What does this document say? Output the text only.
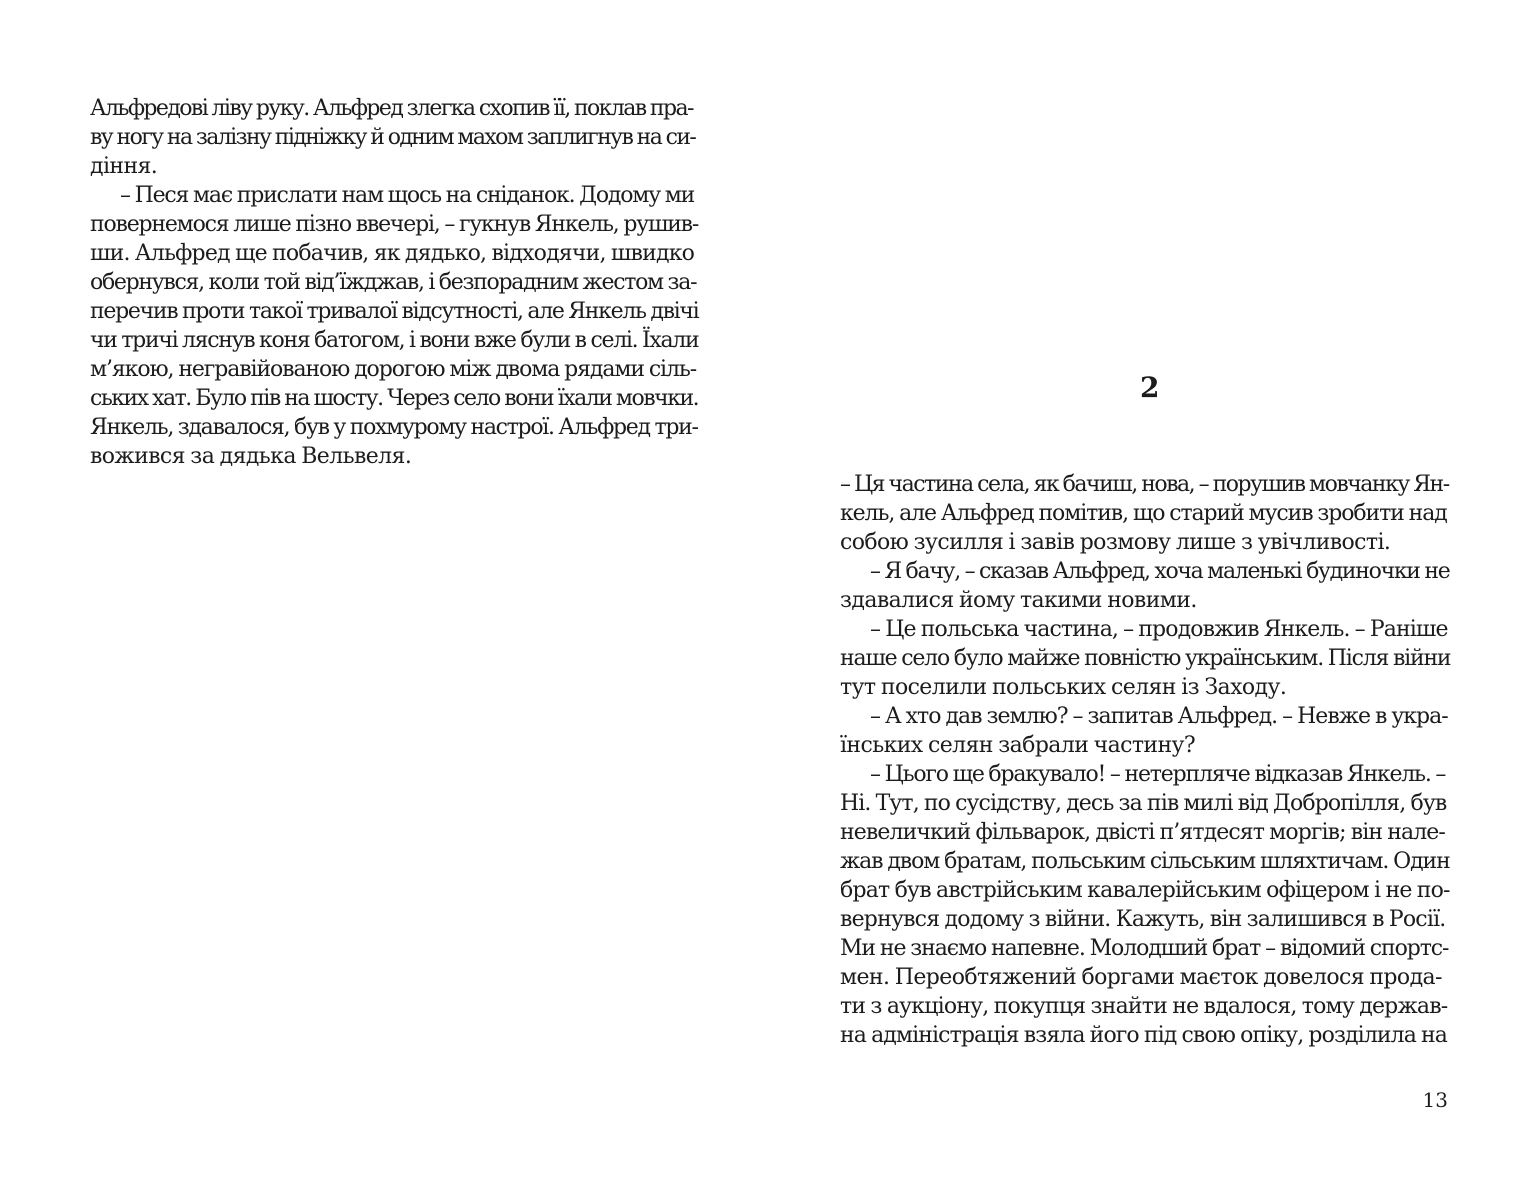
Альфредові ліву руку. Альфред злегка схопив її, поклав пра-
ву ногу на залізну підніжку й одним махом заплигнув на си-
діння.
– Песя має прислати нам щось на сніданок. Додому ми
повернемося лише пізно ввечері, – гукнув Янкель, рушив-
ши. Альфред ще побачив, як дядько, відходячи, швидко
обернувся, коли той від’їжджав, і безпорадним жестом за-
перечив проти такої тривалої відсутності, але Янкель двічі
чи тричі ляснув коня батогом, і вони вже були в селі. Їхали
м’якою, негравійованою дорогою між двома рядами сіль-
ських хат. Було пів на шосту. Через село вони їхали мовчки.
Янкель, здавалося, був у похмурому настрої. Альфред три-
вожився за дядька Вельвеля.
2
– Ця частина села, як бачиш, нова, – порушив мовчанку Ян-
кель, але Альфред помітив, що старий мусив зробити над
собою зусилля і завів розмову лише з увічливості.
– Я бачу, – сказав Альфред, хоча маленькі будиночки не
здавалися йому такими новими.
– Це польська частина, – продовжив Янкель. – Раніше
наше село було майже повністю українським. Після війни
тут поселили польських селян із Заходу.
– А хто дав землю? – запитав Альфред. – Невже в укра-
їнських селян забрали частину?
– Цього ще бракувало! – нетерпляче відказав Янкель. –
Ні. Тут, по сусідству, десь за пів милі від Добропілля, був
невеличкий фільварок, двісті п’ятдесят моргів; він нале-
жав двом братам, польським сільським шляхтичам. Один
брат був австрійським кавалерійським офіцером і не по-
вернувся додому з війни. Кажуть, він залишився в Росії.
Ми не знаємо напевне. Молодший брат – відомий спортс-
мен. Переобтяжений боргами маєток довелося прода-
ти з аукціону, покупця знайти не вдалося, тому держав-
на адміністрація взяла його під свою опіку, розділила на
13
